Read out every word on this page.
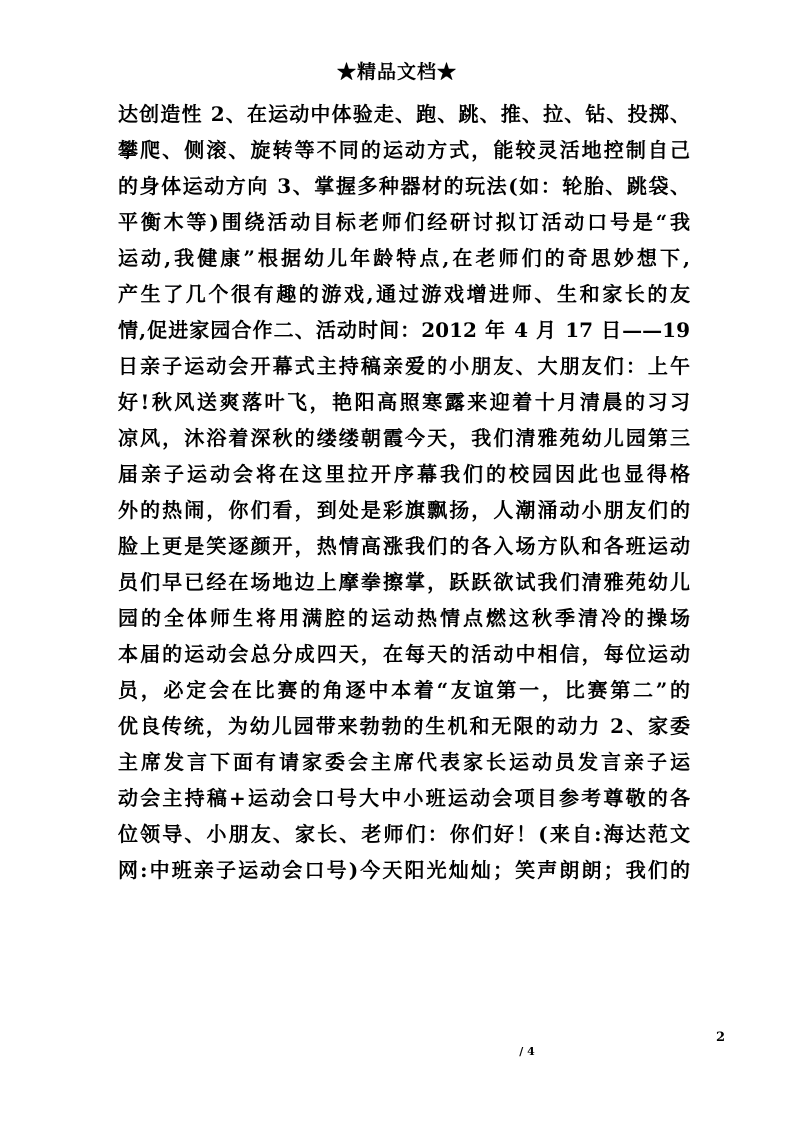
★精品文档★
达创造性 2、在运动中体验走、跑、跳、推、拉、钻、投掷、
攀爬、侧滚、旋转等不同的运动方式，能较灵活地控制自己
的身体运动方向 3、掌握多种器材的玩法(如：轮胎、跳袋、
平衡木等)围绕活动目标老师们经研讨拟订活动口号是“我
运动,我健康”根据幼儿年龄特点,在老师们的奇思妙想下,
产生了几个很有趣的游戏,通过游戏增进师、生和家长的友
情,促进家园合作二、活动时间：2012 年 4 月 17 日——19
日亲子运动会开幕式主持稿亲爱的小朋友、大朋友们：上午
好!秋风送爽落叶飞，艳阳高照寒露来迎着十月清晨的习习
凉风，沐浴着深秋的缕缕朝霞今天，我们清雅苑幼儿园第三
届亲子运动会将在这里拉开序幕我们的校园因此也显得格
外的热闹，你们看，到处是彩旗飘扬，人潮涌动小朋友们的
脸上更是笑逐颜开，热情高涨我们的各入场方队和各班运动
员们早已经在场地边上摩拳擦掌，跃跃欲试我们清雅苑幼儿
园的全体师生将用满腔的运动热情点燃这秋季清冷的操场
本届的运动会总分成四天，在每天的活动中相信，每位运动
员，必定会在比赛的角逐中本着“友谊第一，比赛第二”的
优良传统，为幼儿园带来勃勃的生机和无限的动力 2、家委
主席发言下面有请家委会主席代表家长运动员发言亲子运
动会主持稿+运动会口号大中小班运动会项目参考尊敬的各
位领导、小朋友、家长、老师们：你们好！(来自:海达范文
网:中班亲子运动会口号)今天阳光灿灿；笑声朗朗；我们的
2
/ 4
